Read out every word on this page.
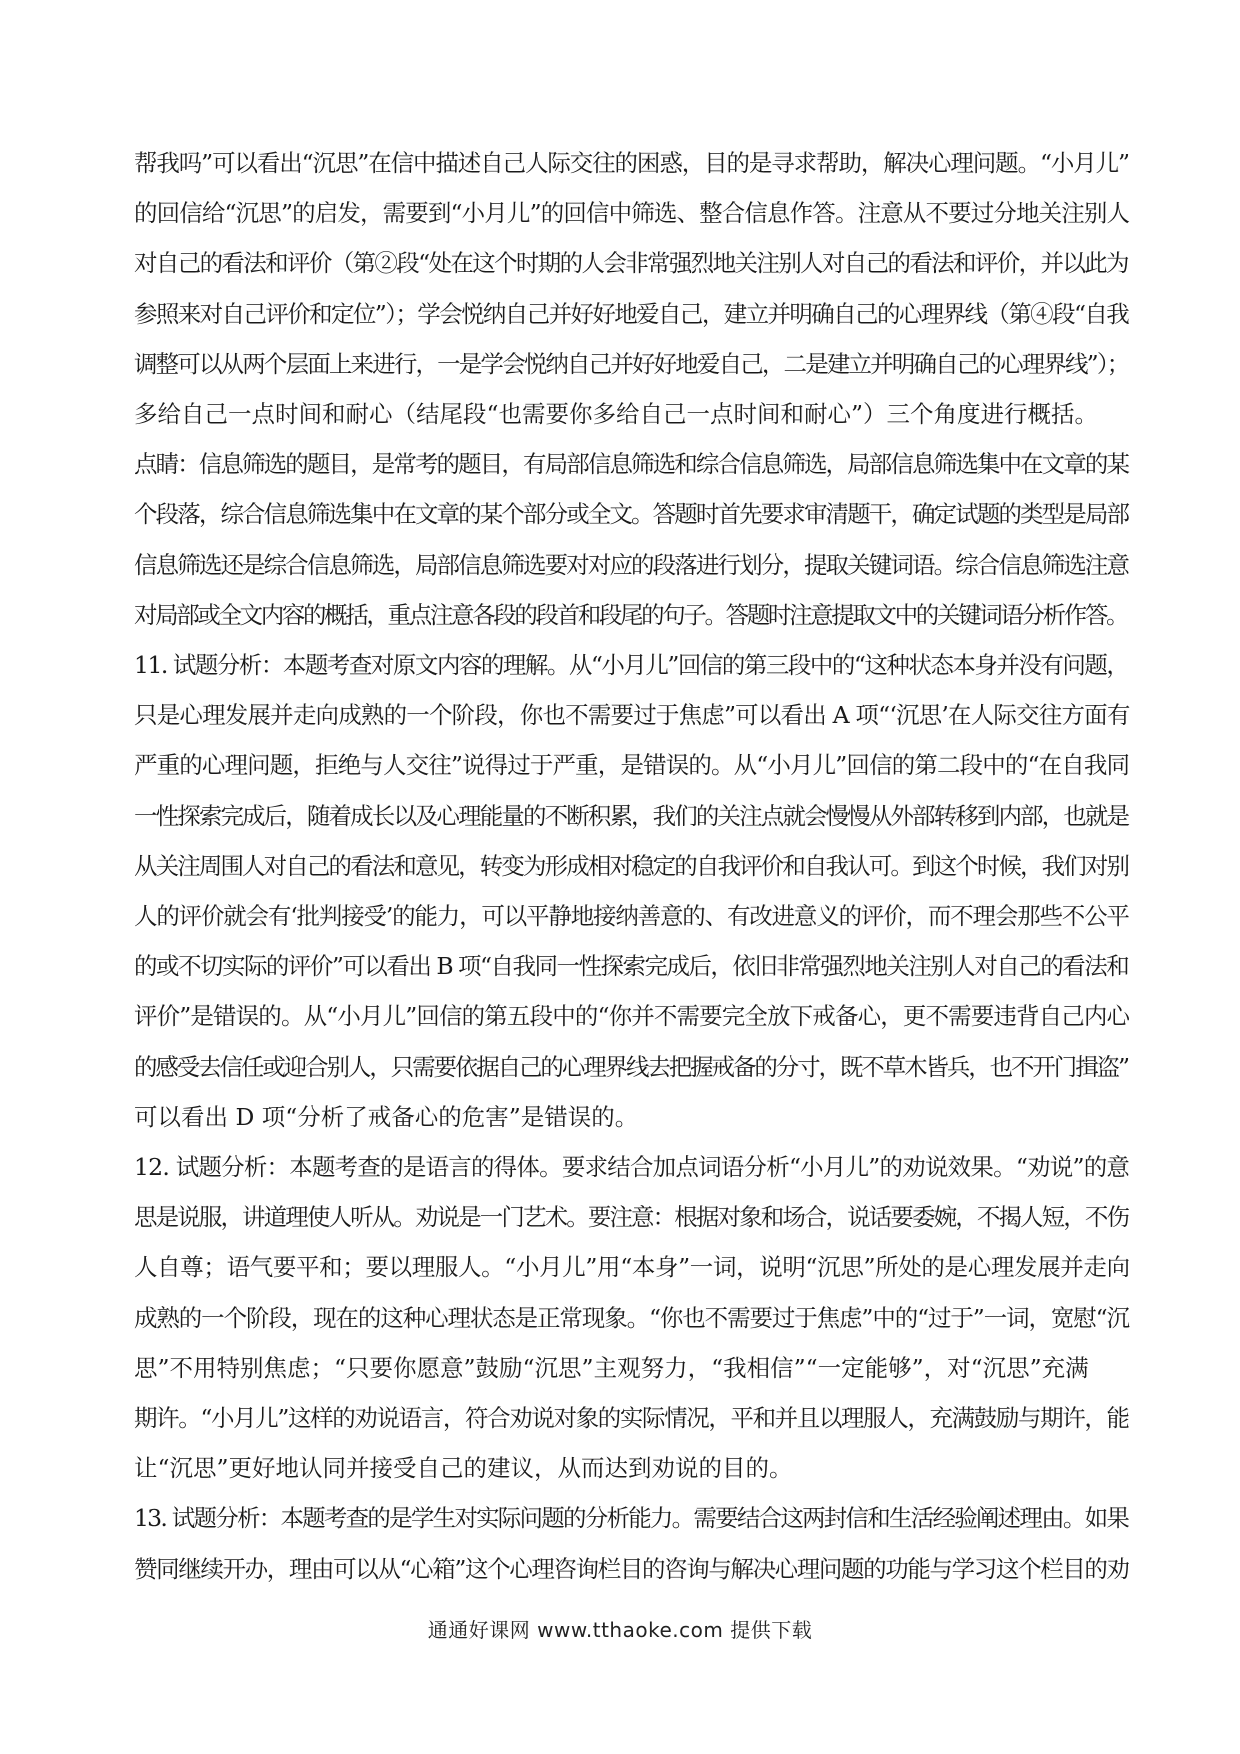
帮我吗”可以看出“沉思”在信中描述自己人际交往的困惑，目的是寻求帮助，解决心理问题。“小月儿”
的回信给“沉思”的启发，需要到“小月儿”的回信中筛选、整合信息作答。注意从不要过分地关注别人
对自己的看法和评价（第②段“处在这个时期的人会非常强烈地关注别人对自己的看法和评价，并以此为
参照来对自己评价和定位”）；学会悦纳自己并好好地爱自己，建立并明确自己的心理界线（第④段“自我
调整可以从两个层面上来进行，一是学会悦纳自己并好好地爱自己，二是建立并明确自己的心理界线”）；
多给自己一点时间和耐心（结尾段“也需要你多给自己一点时间和耐心”）三个角度进行概括。

点睛：信息筛选的题目，是常考的题目，有局部信息筛选和综合信息筛选，局部信息筛选集中在文章的某
个段落，综合信息筛选集中在文章的某个部分或全文。答题时首先要求审清题干，确定试题的类型是局部
信息筛选还是综合信息筛选，局部信息筛选要对对应的段落进行划分，提取关键词语。综合信息筛选注意
对局部或全文内容的概括，重点注意各段的段首和段尾的句子。答题时注意提取文中的关键词语分析作答。

11. 试题分析：本题考查对原文内容的理解。从“小月儿”回信的第三段中的“这种状态本身并没有问题，
只是心理发展并走向成熟的一个阶段，你也不需要过于焦虑”可以看出 A 项“‘沉思’在人际交往方面有
严重的心理问题，拒绝与人交往”说得过于严重，是错误的。从“小月儿”回信的第二段中的“在自我同
一性探索完成后，随着成长以及心理能量的不断积累，我们的关注点就会慢慢从外部转移到内部，也就是
从关注周围人对自己的看法和意见，转变为形成相对稳定的自我评价和自我认可。到这个时候，我们对别
人的评价就会有‘批判接受’的能力，可以平静地接纳善意的、有改进意义的评价，而不理会那些不公平
的或不切实际的评价”可以看出 B 项“自我同一性探索完成后，依旧非常强烈地关注别人对自己的看法和
评价”是错误的。从“小月儿”回信的第五段中的“你并不需要完全放下戒备心，更不需要违背自己内心
的感受去信任或迎合别人，只需要依据自己的心理界线去把握戒备的分寸，既不草木皆兵，也不开门揖盗”
可以看出 D 项“分析了戒备心的危害”是错误的。

12. 试题分析：本题考查的是语言的得体。要求结合加点词语分析“小月儿”的劝说效果。“劝说”的意
思是说服，讲道理使人听从。劝说是一门艺术。要注意：根据对象和场合，说话要委婉，不揭人短，不伤
人自尊；语气要平和；要以理服人。“小月儿”用“本身”一词，说明“沉思”所处的是心理发展并走向
成熟的一个阶段，现在的这种心理状态是正常现象。“你也不需要过于焦虑”中的“过于”一词，宽慰“沉
思”不用特别焦虑；“只要你愿意”鼓励“沉思”主观努力，“我相信”“一定能够”，对“沉思”充满
期许。“小月儿”这样的劝说语言，符合劝说对象的实际情况，平和并且以理服人，充满鼓励与期许，能
让“沉思”更好地认同并接受自己的建议，从而达到劝说的目的。

13. 试题分析：本题考查的是学生对实际问题的分析能力。需要结合这两封信和生活经验阐述理由。如果
赞同继续开办，理由可以从“心箱”这个心理咨询栏目的咨询与解决心理问题的功能与学习这个栏目的劝

通通好课网 www.tthaoke.com 提供下载
